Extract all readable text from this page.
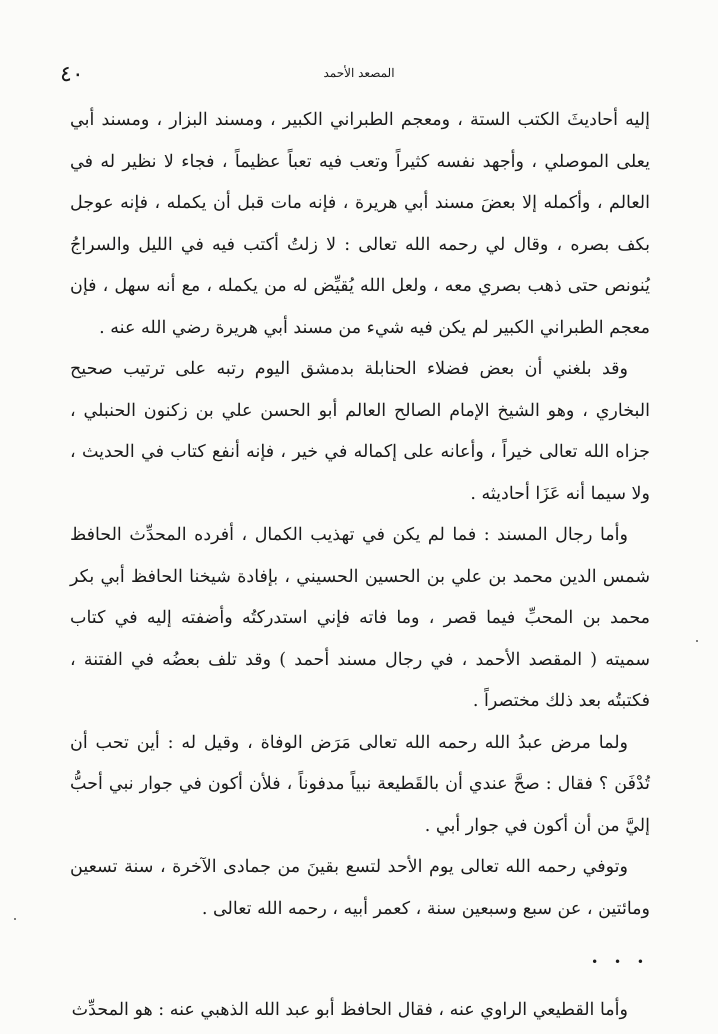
٤٠	المصعد الأحمد

إليه أحاديثَ الكتب الستة ، ومعجم الطبراني الكبير ، ومسند البزار ، ومسند أبي يعلى الموصلي ، وأجهد نفسه كثيراً وتعب فيه تعباً عظيماً ، فجاء لا نظير له في العالم ، وأكمله إلا بعضَ مسند أبي هريرة ، فإنه مات قبل أن يكمله ، فإنه عوجل بكف بصره ، وقال لي رحمه الله تعالى : لا زلتُ أكتب فيه في الليل والسراجُ يُنونص حتى ذهب بصري معه ، ولعل الله يُقيِّض له من يكمله ، مع أنه سهل ، فإن معجم الطبراني الكبير لم يكن فيه شيء من مسند أبي هريرة رضي الله عنه .

وقد بلغني أن بعض فضلاء الحنابلة بدمشق اليوم رتبه على ترتيب صحيح البخاري ، وهو الشيخ الإمام الصالح العالم أبو الحسن علي بن زكنون الحنبلي ، جزاه الله تعالى خيراً ، وأعانه على إكماله في خير ، فإنه أنفع كتاب في الحديث ، ولا سيما أنه عَزَا أحاديثه .

وأما رجال المسند : فما لم يكن في تهذيب الكمال ، أفرده المحدِّث الحافظ شمس الدين محمد بن علي بن الحسين الحسيني ، بإفادة شيخنا الحافظ أبي بكر محمد بن المحبِّ فيما قصر ، وما فاته فإني استدركتُه وأضفته إليه في كتاب سميته ( المقصد الأحمد ، في رجال مسند أحمد ) وقد تلف بعضُه في الفتنة ، فكتبتُه بعد ذلك مختصراً .

ولما مرض عبدُ الله رحمه الله تعالى مَرَض الوفاة ، وقيل له : أين تحب أن تُدْفَن ؟ فقال : صحَّ عندي أن بالقَطيعة نبياً مدفوناً ، فلأن أكون في جوار نبي أحبُّ إليَّ من أن أكون في جوار أبي .

وتوفي رحمه الله تعالى يوم الأحد لتسع بقينَ من جمادى الآخرة ، سنة تسعين ومائتين ، عن سبع وسبعين سنة ، كعمر أبيه ، رحمه الله تعالى .

• • •

وأما القطيعي الراوي عنه ، فقال الحافظ أبو عبد الله الذهبي عنه : هو المحدِّث
